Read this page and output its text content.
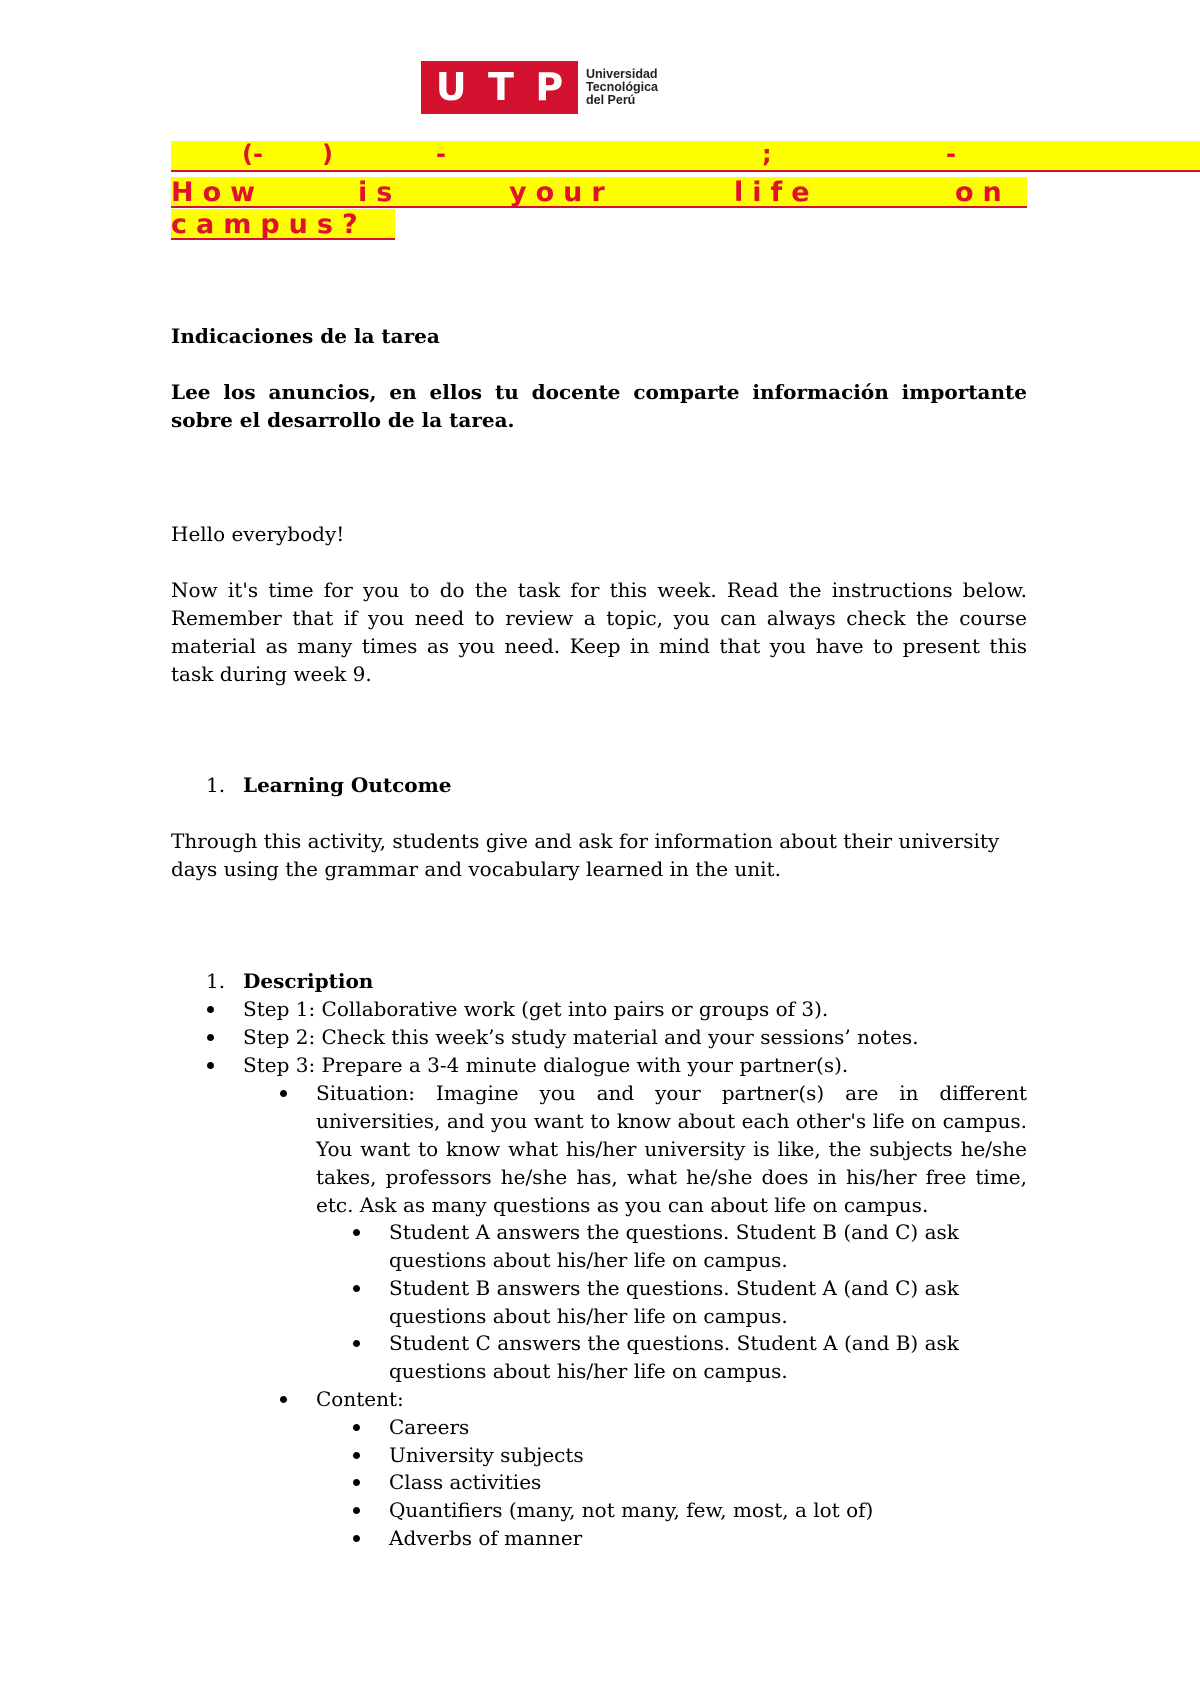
U T P Universidad
Tecnológica
del Perú
(- )	-	;	-
How	is	your	life	on
campus?
Indicaciones de la tarea
Lee los anuncios, en ellos tu docente comparte información importante sobre el desarrollo de la tarea.
Hello everybody!
Now it's time for you to do the task for this week. Read the instructions below. Remember that if you need to review a topic, you can always check the course material as many times as you need. Keep in mind that you have to present this task during week 9.
1. Learning Outcome
Through this activity, students give and ask for information about their university days using the grammar and vocabulary learned in the unit.
1. Description
Step 1: Collaborative work (get into pairs or groups of 3).
Step 2: Check this week’s study material and your sessions’ notes.
Step 3: Prepare a 3-4 minute dialogue with your partner(s).
Situation: Imagine you and your partner(s) are in different universities, and you want to know about each other's life on campus. You want to know what his/her university is like, the subjects he/she takes, professors he/she has, what he/she does in his/her free time, etc. Ask as many questions as you can about life on campus.
Student A answers the questions. Student B (and C) ask questions about his/her life on campus.
Student B answers the questions. Student A (and C) ask questions about his/her life on campus.
Student C answers the questions. Student A (and B) ask questions about his/her life on campus.
Content:
Careers
University subjects
Class activities
Quantifiers (many, not many, few, most, a lot of)
Adverbs of manner
